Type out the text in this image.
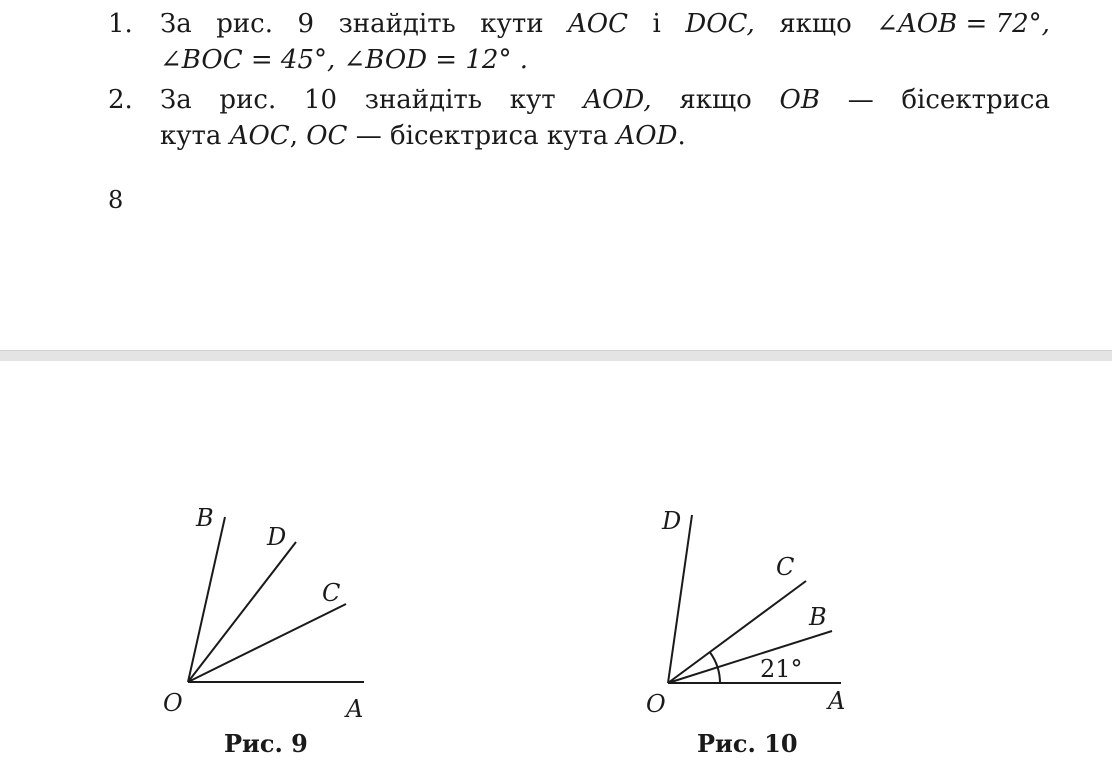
1. За рис. 9 знайдіть кути AOC і DOC, якщо ∠AOB = 72°,
∠BOC = 45°, ∠BOD = 12° .
2. За рис. 10 знайдіть кут AOD, якщо OB — бісектриса
кута AOC, OC — бісектриса кута AOD.
8
B
D
C
O	A
Рис. 9
D
C
B
21°
O	A
Рис. 10
